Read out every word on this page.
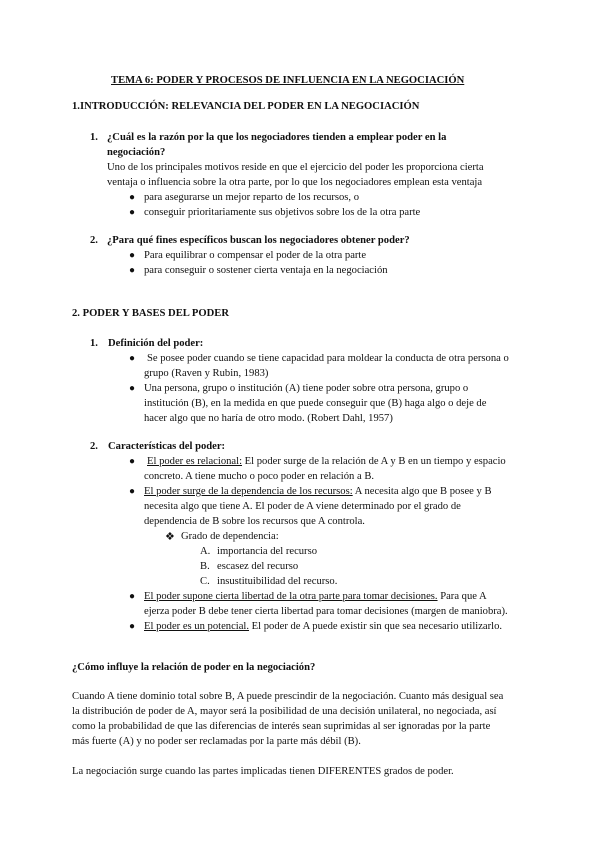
TEMA 6: PODER Y PROCESOS DE INFLUENCIA EN LA NEGOCIACIÓN
1.INTRODUCCIÓN: RELEVANCIA DEL PODER EN LA NEGOCIACIÓN
1. ¿Cuál es la razón por la que los negociadores tienden a emplear poder en la
negociación?
Uno de los principales motivos reside en que el ejercicio del poder les proporciona cierta
ventaja o influencia sobre la otra parte, por lo que los negociadores emplean esta ventaja
● para asegurarse un mejor reparto de los recursos, o
● conseguir prioritariamente sus objetivos sobre los de la otra parte
2. ¿Para qué fines específicos buscan los negociadores obtener poder?
● Para equilibrar o compensar el poder de la otra parte
● para conseguir o sostener cierta ventaja en la negociación
2. PODER Y BASES DEL PODER
1. Definición del poder:
● Se posee poder cuando se tiene capacidad para moldear la conducta de otra persona o
grupo (Raven y Rubin, 1983)
● Una persona, grupo o institución (A) tiene poder sobre otra persona, grupo o
institución (B), en la medida en que puede conseguir que (B) haga algo o deje de
hacer algo que no haría de otro modo. (Robert Dahl, 1957)
2. Características del poder:
● El poder es relacional: El poder surge de la relación de A y B en un tiempo y espacio
concreto. A tiene mucho o poco poder en relación a B.
● El poder surge de la dependencia de los recursos: A necesita algo que B posee y B
necesita algo que tiene A. El poder de A viene determinado por el grado de
dependencia de B sobre los recursos que A controla.
❖ Grado de dependencia:
A. importancia del recurso
B. escasez del recurso
C. insustituibilidad del recurso.
● El poder supone cierta libertad de la otra parte para tomar decisiones. Para que A
ejerza poder B debe tener cierta libertad para tomar decisiones (margen de maniobra).
● El poder es un potencial. El poder de A puede existir sin que sea necesario utilizarlo.
¿Cómo influye la relación de poder en la negociación?
Cuando A tiene dominio total sobre B, A puede prescindir de la negociación. Cuanto más desigual sea
la distribución de poder de A, mayor será la posibilidad de una decisión unilateral, no negociada, así
como la probabilidad de que las diferencias de interés sean suprimidas al ser ignoradas por la parte
más fuerte (A) y no poder ser reclamadas por la parte más débil (B).
La negociación surge cuando las partes implicadas tienen DIFERENTES grados de poder.
